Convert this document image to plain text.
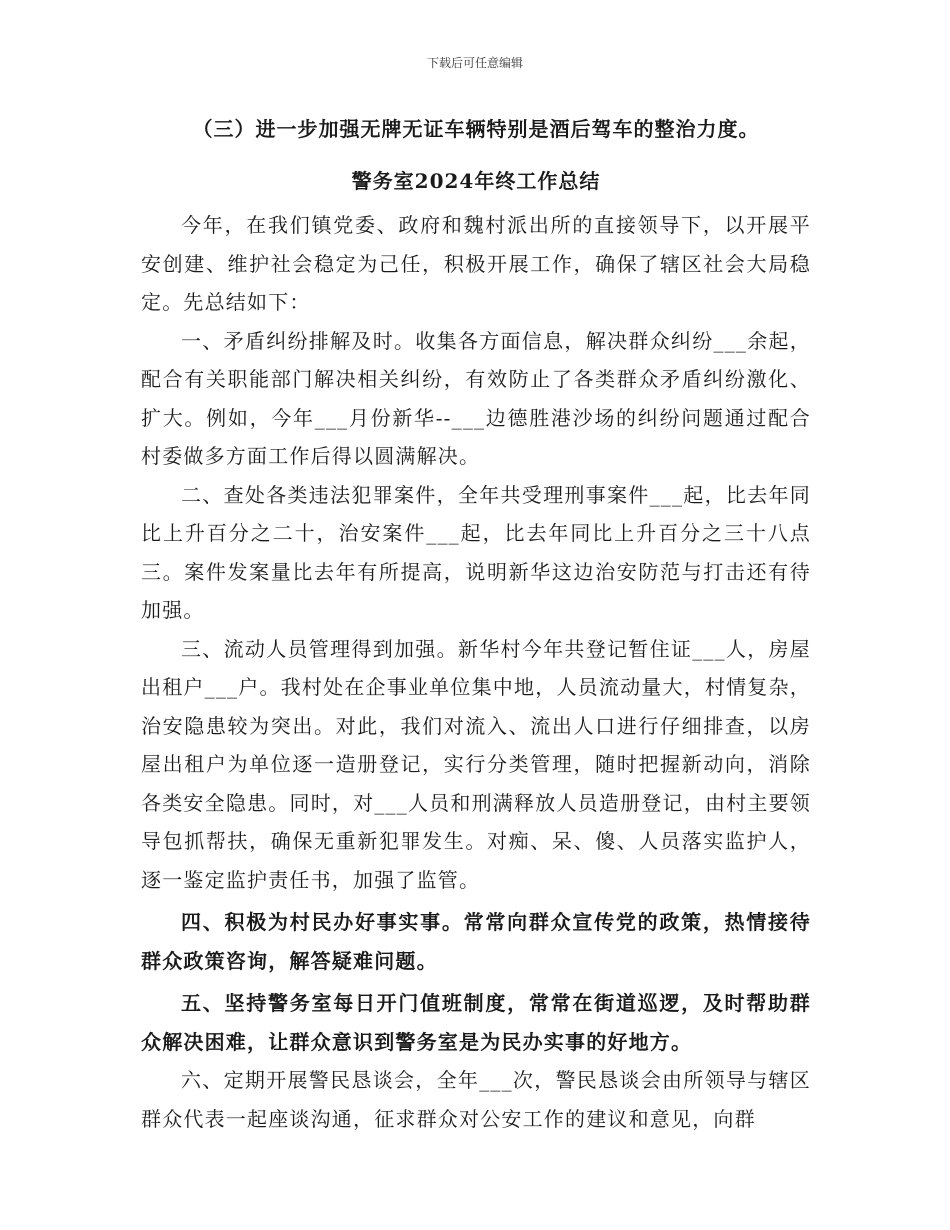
下载后可任意编辑
（三）进一步加强无牌无证车辆特别是酒后驾车的整治力度。
警务室2024年终工作总结

今年，在我们镇党委、政府和魏村派出所的直接领导下，以开展平安创建、维护社会稳定为己任，积极开展工作，确保了辖区社会大局稳定。先总结如下：

一、矛盾纠纷排解及时。收集各方面信息，解决群众纠纷___余起，配合有关职能部门解决相关纠纷，有效防止了各类群众矛盾纠纷激化、扩大。例如，今年___月份新华--___边德胜港沙场的纠纷问题通过配合村委做多方面工作后得以圆满解决。

二、查处各类违法犯罪案件，全年共受理刑事案件___起，比去年同比上升百分之二十，治安案件___起，比去年同比上升百分之三十八点三。案件发案量比去年有所提高，说明新华这边治安防范与打击还有待加强。

三、流动人员管理得到加强。新华村今年共登记暂住证___人，房屋出租户___户。我村处在企事业单位集中地，人员流动量大，村情复杂，治安隐患较为突出。对此，我们对流入、流出人口进行仔细排查，以房屋出租户为单位逐一造册登记，实行分类管理，随时把握新动向，消除各类安全隐患。同时，对___人员和刑满释放人员造册登记，由村主要领导包抓帮扶，确保无重新犯罪发生。对痴、呆、傻、人员落实监护人，逐一鉴定监护责任书，加强了监管。

四、积极为村民办好事实事。常常向群众宣传党的政策，热情接待群众政策咨询，解答疑难问题。

五、坚持警务室每日开门值班制度，常常在街道巡逻，及时帮助群众解决困难，让群众意识到警务室是为民办实事的好地方。

六、定期开展警民恳谈会，全年___次，警民恳谈会由所领导与辖区群众代表一起座谈沟通，征求群众对公安工作的建议和意见，向群
